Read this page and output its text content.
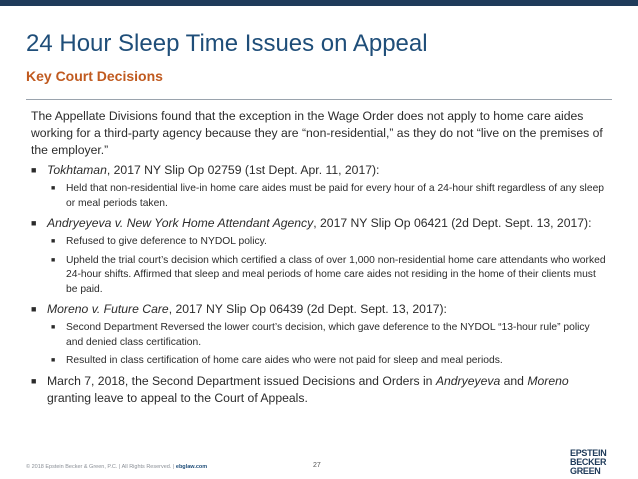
24 Hour Sleep Time Issues on Appeal
Key Court Decisions

The Appellate Divisions found that the exception in the Wage Order does not apply to home care aides working for a third-party agency because they are “non-residential,” as they do not “live on the premises of the employer.”

■ Tokhtaman, 2017 NY Slip Op 02759 (1st Dept. Apr. 11, 2017):
■ Held that non-residential live-in home care aides must be paid for every hour of a 24-hour shift regardless of any sleep or meal periods taken.
■ Andryeyeva v. New York Home Attendant Agency, 2017 NY Slip Op 06421 (2d Dept. Sept. 13, 2017):
■ Refused to give deference to NYDOL policy.
■ Upheld the trial court’s decision which certified a class of over 1,000 non-residential home care attendants who worked 24-hour shifts. Affirmed that sleep and meal periods of home care aides not residing in the home of their clients must be paid.
■ Moreno v. Future Care, 2017 NY Slip Op 06439 (2d Dept. Sept. 13, 2017):
■ Second Department Reversed the lower court’s decision, which gave deference to the NYDOL “13-hour rule” policy and denied class certification.
■ Resulted in class certification of home care aides who were not paid for sleep and meal periods.
■ March 7, 2018, the Second Department issued Decisions and Orders in Andryeyeva and Moreno granting leave to appeal to the Court of Appeals.
© 2018 Epstein Becker & Green, P.C. | All Rights Reserved. | ebglaw.com	27
EPSTEIN
BECKER
GREEN
